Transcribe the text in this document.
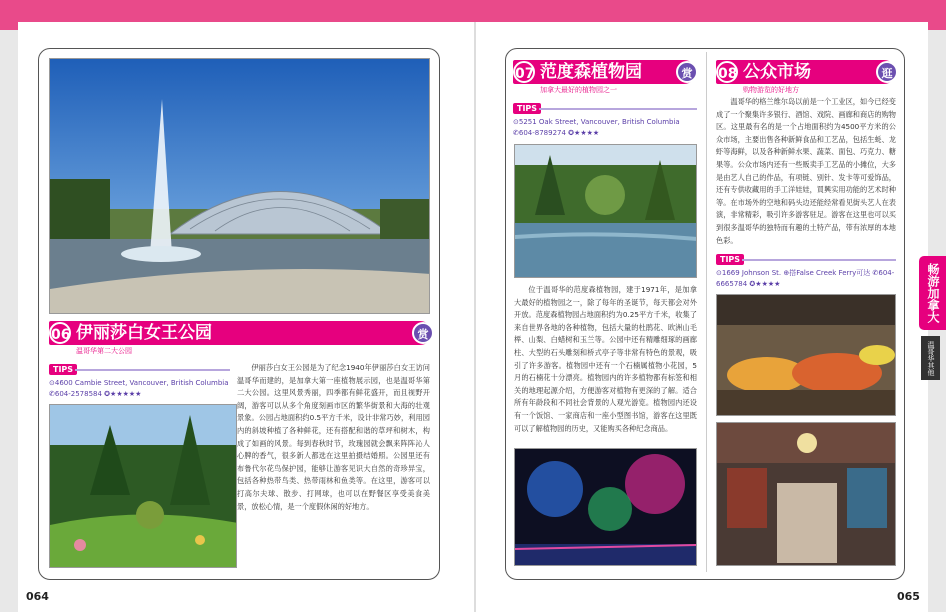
06 伊丽莎白女王公园	赏
温哥华第二大公园
TIPS
⊙4600 Cambie Street, Vancouver, British Columbia
✆604-2578584 ✪★★★★★
伊丽莎白女王公园是为了纪念1940年伊丽莎白女王访问温哥华而建的，是加拿大第一座植物展示园，也是温哥华第二大公园。这里风景秀丽，四季都有鲜花盛开，而且视野开阔，游客可以从多个角度刻画市区的繁华街景和大海的壮观景象。公园占地面积约0.5平方千米，设计非常巧妙，利用园内的斜坡种植了各种鲜花，还有搭配和谐的草坪和树木，构成了如画的风景。每到春秋时节，玫瑰园就会飘来阵阵沁人心脾的香气，很多新人都选在这里拍摄结婚照。公园里还有布鲁代尔花鸟保护园，能够让游客见识大自然的奇珍异宝，包括各种热带鸟类、热带雨林和鱼类等。在这里，游客可以打高尔夫球、散步、打网球，也可以在野餐区享受美食美景，放松心情，是一个度假休闲的好地方。
064
07 范度森植物园	赏
加拿大最好的植物园之一
TIPS
⊙5251 Oak Street, Vancouver, British Columbia ✆604-8789274 ✪★★★★
位于温哥华的范度森植物园，建于1971年，是加拿大最好的植物园之一，除了每年的圣诞节，每天都会对外开放。范度森植物园占地面积约为0.25平方千米，收集了来自世界各地的各种植物，包括大量的杜鹃花、欧洲山毛榉、山梨、白蜡树和玉兰等。公园中还有精雕细琢的画廊柱、大型的石头雕刻和桥式亭子等非常有特色的景观，吸引了许多游客。植物园中还有一个石楠属植物小花园，5月的石楠花十分漂亮。植物园内的许多植物都有标签和相关的地理起源介绍，方便游客对植物有更深的了解。适合所有年龄段和不同社会背景的人观光游览。植物园内还设有一个饭馆、一家商店和一座小型图书馆，游客在这里既可以了解植物园的历史，又能购买各种纪念商品。
08 公众市场	逛
购物游览的好地方
温哥华的格兰维尔岛以前是一个工业区，如今已经变成了一个聚集许多银行、酒馆、戏院、画廊和商店的购物区。这里最有名的是一个占地面积约为4500平方米的公众市场，主要出售各种新鲜食品和工艺品，包括生蚝、龙虾等海鲜，以及各种新鲜水果、蔬菜、面包、巧克力、糖果等。公众市场内还有一些贩卖手工艺品的小摊位，大多是由艺人自己的作品，有项链、别针、发卡等可爱饰品，还有专供收藏用的手工洋娃娃，買興实用功能的艺术时种等。在市场外的空地和码头边还能经常看见街头艺人在表演，非常精彩，吸引许多游客驻足。游客在这里也可以买到很多温哥华的独特而有趣的土特产品，带有浓厚的本地色彩。
TIPS
⊙1669 Johnson St. ⊕搭False Creek Ferry可达 ✆604-6665784 ✪★★★★	畅游加拿大
温哥华其他
065
